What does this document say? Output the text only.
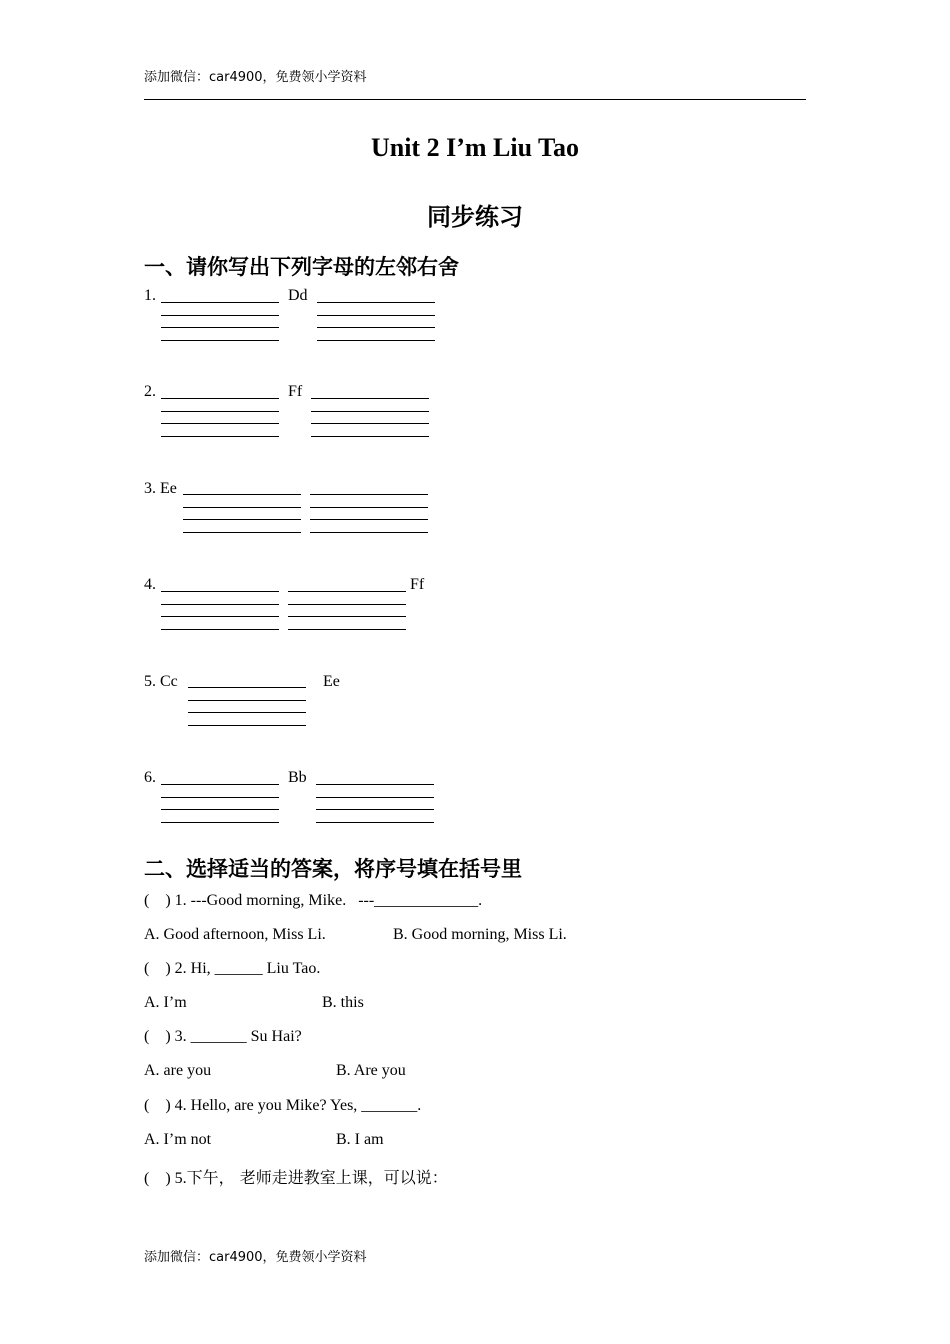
添加微信：car4900，免费领小学资料
Unit 2 I’m Liu Tao
同步练习
一、请你写出下列字母的左邻右舍
1.	Dd
2.	Ff
3. Ee
4.	Ff
5. Cc	Ee
6.	Bb
二、选择适当的答案，将序号填在括号里
(    ) 1. ---Good morning, Mike.   ---_____________.
A. Good afternoon, Miss Li.	B. Good morning, Miss Li.
(    ) 2. Hi, ______ Liu Tao.
A. I’m	B. this
(    ) 3. _______ Su Hai?
A. are you	B. Are you
(    ) 4. Hello, are you Mike? Yes, _______.
A. I’m not	B. I am
(    ) 5.下午， 老师走进教室上课，可以说：
添加微信：car4900，免费领小学资料
